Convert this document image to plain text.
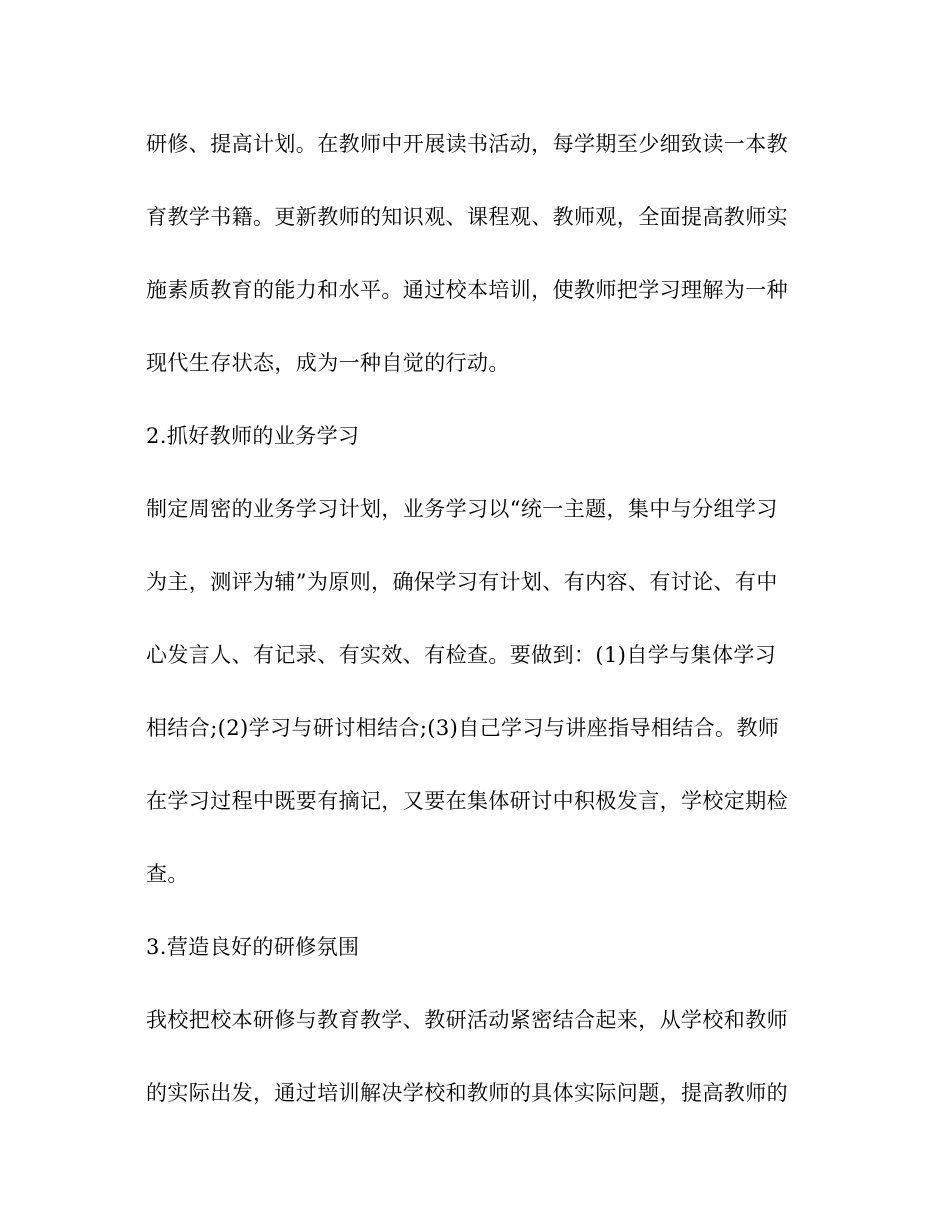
研修、提高计划。在教师中开展读书活动，每学期至少细致读一本教
育教学书籍。更新教师的知识观、课程观、教师观，全面提高教师实
施素质教育的能力和水平。通过校本培训，使教师把学习理解为一种
现代生存状态，成为一种自觉的行动。
2.抓好教师的业务学习
制定周密的业务学习计划，业务学习以“统一主题，集中与分组学习
为主，测评为辅”为原则，确保学习有计划、有内容、有讨论、有中
心发言人、有记录、有实效、有检查。要做到：(1)自学与集体学习
相结合;(2)学习与研讨相结合;(3)自己学习与讲座指导相结合。教师
在学习过程中既要有摘记，又要在集体研讨中积极发言，学校定期检
查。
3.营造良好的研修氛围
我校把校本研修与教育教学、教研活动紧密结合起来，从学校和教师
的实际出发，通过培训解决学校和教师的具体实际问题，提高教师的
